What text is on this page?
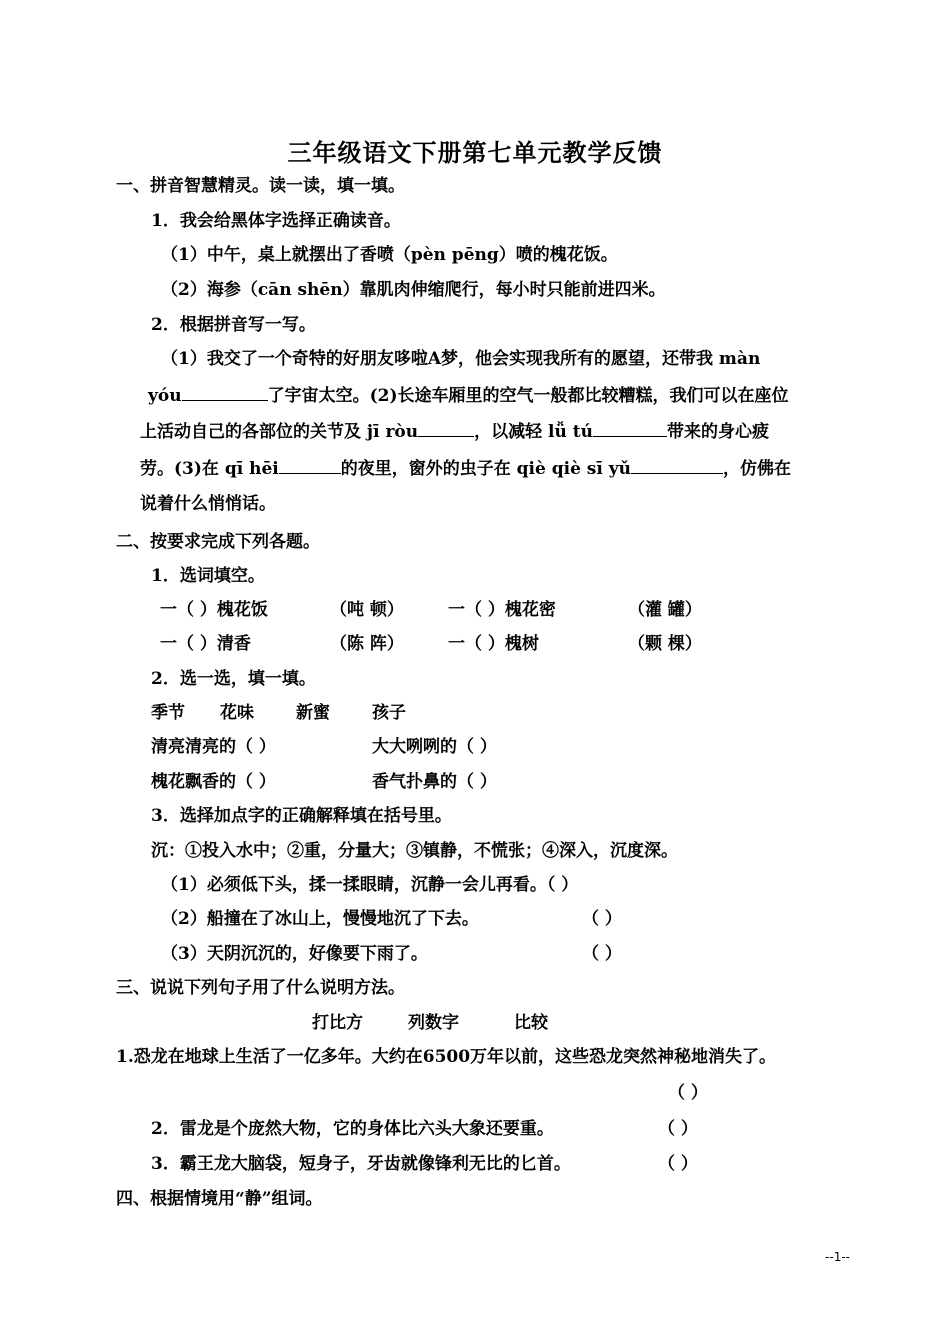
三年级语文下册第七单元教学反馈
一、拼音智慧精灵。读一读，填一填。
1．我会给黑体字选择正确读音。
（1）中午，桌上就摆出了香喷（pèn pēng）喷的槐花饭。
（2）海参（cān shēn）靠肌肉伸缩爬行，每小时只能前进四米。
2．根据拼音写一写。
（1）我交了一个奇特的好朋友哆啦A梦，他会实现我所有的愿望，还带我 màn
yóu	了宇宙太空。(2)长途车厢里的空气一般都比较糟糕，我们可以在座位
上活动自己的各部位的关节及 jī ròu	，以减轻 lǚ tú	带来的身心疲
劳。(3)在 qī hēi	的夜里，窗外的虫子在 qiè qiè sī yǔ	，仿佛在
说着什么悄悄话。
二、按要求完成下列各题。
1．选词填空。
一（ ）槐花饭	（吨 顿）	一（ ）槐花密	（灌 罐）
一（ ）清香	（陈 阵）	一（ ）槐树	（颗 棵）
2．选一选，填一填。
季节 花味 新蜜 孩子
清亮清亮的（ ）	大大咧咧的（ ）
槐花飘香的（ ）	香气扑鼻的（ ）
3．选择加点字的正确解释填在括号里。
沉：①投入水中；②重，分量大；③镇静，不慌张；④深入，沉度深。
（1）必须低下头，揉一揉眼睛，沉静一会儿再看。（ ）
（2）船撞在了冰山上，慢慢地沉了下去。	（ ）
（3）天阴沉沉的，好像要下雨了。	（ ）
三、说说下列句子用了什么说明方法。
打比方	列数字	比较
1.恐龙在地球上生活了一亿多年。大约在6500万年以前，这些恐龙突然神秘地消失了。
（ ）
2．雷龙是个庞然大物，它的身体比六头大象还要重。	（ ）
3．霸王龙大脑袋，短身子，牙齿就像锋利无比的匕首。	（ ）
四、根据情境用“静”组词。
--1--
